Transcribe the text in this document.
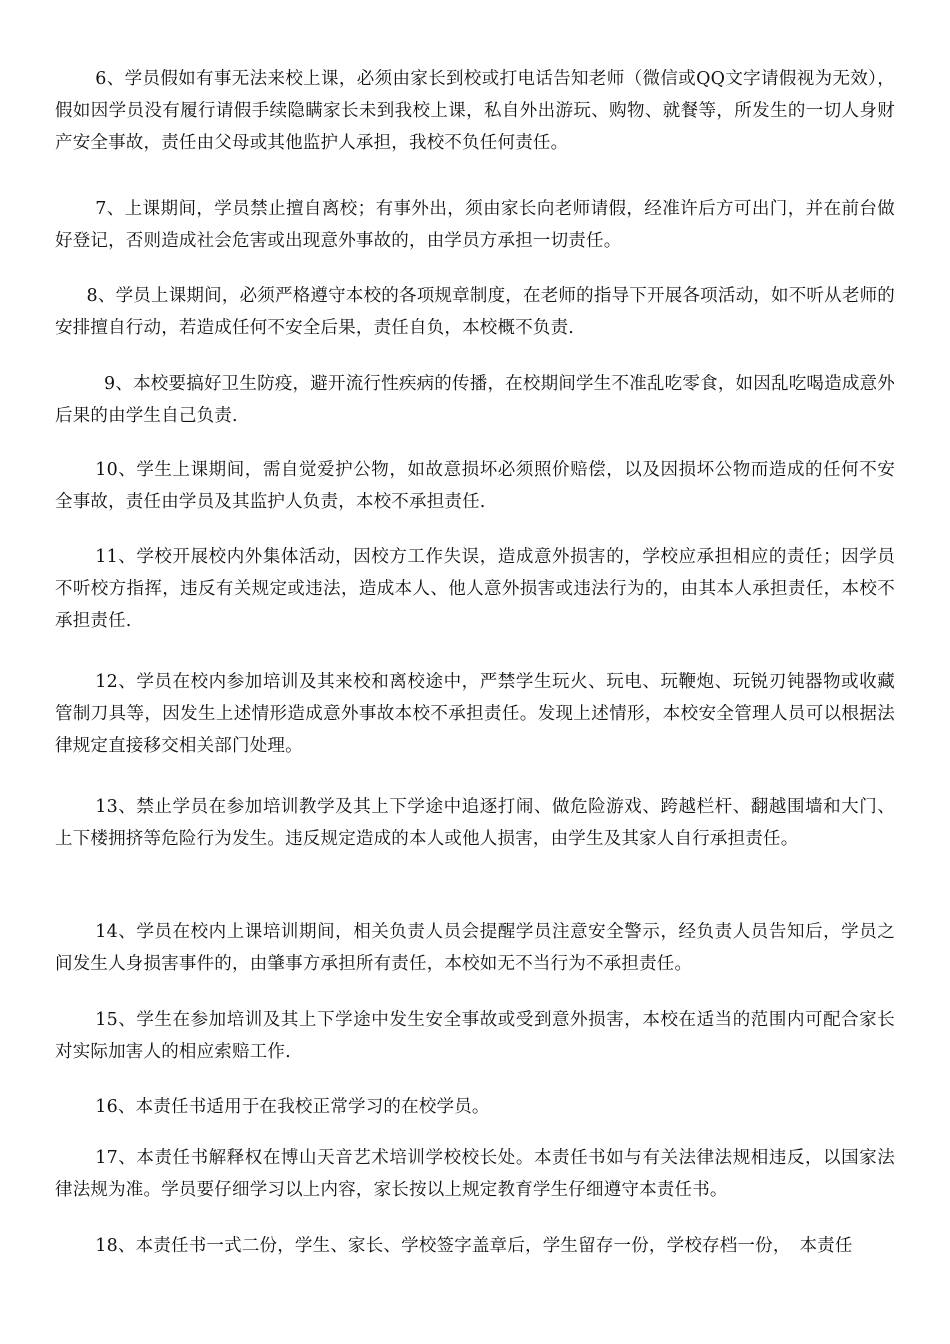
6、学员假如有事无法来校上课，必须由家长到校或打电话告知老师（微信或QQ文字请假视为无效），假如因学员没有履行请假手续隐瞒家长未到我校上课，私自外出游玩、购物、就餐等，所发生的一切人身财产安全事故，责任由父母或其他监护人承担，我校不负任何责任。

7、上课期间，学员禁止擅自离校；有事外出，须由家长向老师请假，经准许后方可出门，并在前台做好登记，否则造成社会危害或出现意外事故的，由学员方承担一切责任。

8、学员上课期间，必须严格遵守本校的各项规章制度，在老师的指导下开展各项活动，如不听从老师的安排擅自行动，若造成任何不安全后果，责任自负，本校概不负责.

9、本校要搞好卫生防疫，避开流行性疾病的传播，在校期间学生不准乱吃零食，如因乱吃喝造成意外后果的由学生自己负责.

10、学生上课期间，需自觉爱护公物，如故意损坏必须照价赔偿，以及因损坏公物而造成的任何不安全事故，责任由学员及其监护人负责，本校不承担责任.

11、学校开展校内外集体活动，因校方工作失误，造成意外损害的，学校应承担相应的责任；因学员不听校方指挥，违反有关规定或违法，造成本人、他人意外损害或违法行为的，由其本人承担责任，本校不承担责任.

12、学员在校内参加培训及其来校和离校途中，严禁学生玩火、玩电、玩鞭炮、玩锐刃钝器物或收藏管制刀具等，因发生上述情形造成意外事故本校不承担责任。发现上述情形，本校安全管理人员可以根据法律规定直接移交相关部门处理。

13、禁止学员在参加培训教学及其上下学途中追逐打闹、做危险游戏、跨越栏杆、翻越围墙和大门、上下楼拥挤等危险行为发生。违反规定造成的本人或他人损害，由学生及其家人自行承担责任。

14、学员在校内上课培训期间，相关负责人员会提醒学员注意安全警示，经负责人员告知后，学员之间发生人身损害事件的，由肇事方承担所有责任，本校如无不当行为不承担责任。

15、学生在参加培训及其上下学途中发生安全事故或受到意外损害，本校在适当的范围内可配合家长对实际加害人的相应索赔工作.

16、本责任书适用于在我校正常学习的在校学员。

17、本责任书解释权在博山天音艺术培训学校校长处。本责任书如与有关法律法规相违反，以国家法律法规为准。学员要仔细学习以上内容，家长按以上规定教育学生仔细遵守本责任书。

18、本责任书一式二份，学生、家长、学校签字盖章后，学生留存一份，学校存档一份，　本责任
